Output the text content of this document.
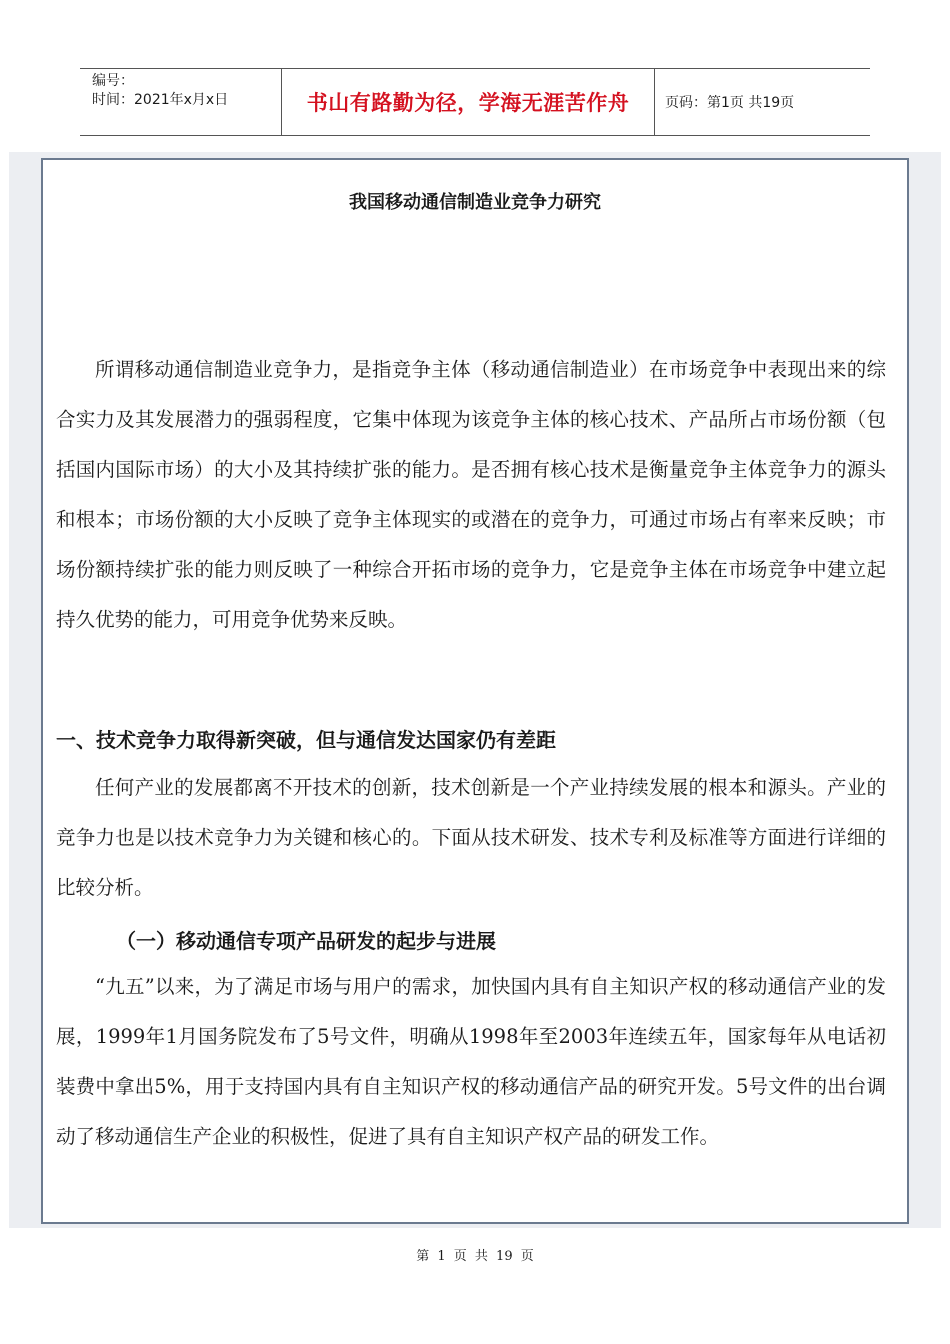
编号：
时间：2021年x月x日	书山有路勤为径，学海无涯苦作舟	页码：第1页 共19页
我国移动通信制造业竞争力研究

所谓移动通信制造业竞争力，是指竞争主体（移动通信制造业）在市场竞争中表现出来的综合实力及其发展潜力的强弱程度，它集中体现为该竞争主体的核心技术、产品所占市场份额（包括国内国际市场）的大小及其持续扩张的能力。是否拥有核心技术是衡量竞争主体竞争力的源头和根本；市场份额的大小反映了竞争主体现实的或潜在的竞争力，可通过市场占有率来反映；市场份额持续扩张的能力则反映了一种综合开拓市场的竞争力，它是竞争主体在市场竞争中建立起持久优势的能力，可用竞争优势来反映。

一、技术竞争力取得新突破，但与通信发达国家仍有差距

任何产业的发展都离不开技术的创新，技术创新是一个产业持续发展的根本和源头。产业的竞争力也是以技术竞争力为关键和核心的。下面从技术研发、技术专利及标准等方面进行详细的比较分析。

（一）移动通信专项产品研发的起步与进展

“九五”以来，为了满足市场与用户的需求，加快国内具有自主知识产权的移动通信产业的发展，1999年1月国务院发布了5号文件，明确从1998年至2003年连续五年，国家每年从电话初装费中拿出5%，用于支持国内具有自主知识产权的移动通信产品的研究开发。5号文件的出台调动了移动通信生产企业的积极性，促进了具有自主知识产权产品的研发工作。

第 1 页 共 19 页
